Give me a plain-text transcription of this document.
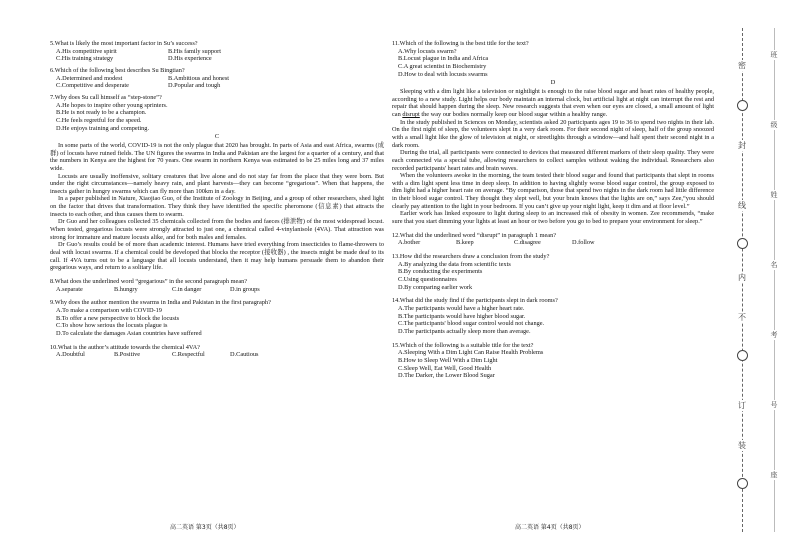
5.What is likely the most important factor in Su’s success?

A.His competitive spirit	B.His family support
C.His training strategy	D.His experience

6.Which of the following best describes Su Bingtian?

A.Determined and modest	B.Ambitious and honest
C.Competitive and desperate	D.Popular and tough

7.Why does Su call himself as “step-stone”?

A.He hopes to inspire other young sprinters.
B.He is not ready to be a champion.
C.He feels regretful for the speed.
D.He enjoys training and competing.
C

In some parts of the world, COVID-19 is not the only plague that 2020 has brought. In parts of Asia and east Africa, swarms (成群) of locusts have ruined fields. The UN figures the swarms in India and Pakistan are the largest for a quarter of a century, and that the numbers in Kenya are the highest for 70 years. One swarm in northern Kenya was estimated to be 25 miles long and 37 miles wide.

Locusts are usually inoffensive, solitary creatures that live alone and do not stay far from the place that they were born. But under the right circumstances—namely heavy rain, and plant harvests—they can become “gregarious”. When that happens, the insects gather in hungry swarms which can fly more than 100km in a day.

In a paper published in Nature, Xiaojiao Guo, of the Institute of Zoology in Beijing, and a group of other researchers, shed light on the factor that drives that transformation. They think they have identified the specific pheromone (信息素) that attracts the insects to each other, and thus causes them to swarm.

Dr Guo and her colleagues collected 35 chemicals collected from the bodies and faeces (排泄物) of the most widespread locust. When tested, gregarious locusts were strongly attracted to just one, a chemical called 4-vinylanisole (4VA). That attraction was strong for immature and mature locusts alike, and for both males and females.

Dr Guo’s results could be of more than academic interest. Humans have tried everything from insecticides to flame-throwers to deal with locust swarms. If a chemical could be developed that blocks the receptor (接收器) , the insects might be made deaf to its call. If 4VA turns out to be a language that all locusts understand, then it may help humans persuade them to abandon their gregarious ways, and return to a solitary life.

8.What does the underlined word “gregarious” in the second paragraph mean?

A.separate	B.hungry	C.in danger	D.in groups

9.Why does the author mention the swarms in India and Pakistan in the first paragraph?

A.To make a comparison with COVID-19
B.To offer a new perspective to block the locusts
C.To show how serious the locusts plague is
D.To calculate the damages Asian countries have suffered

10.What is the author’s attitude towards the chemical 4VA?

A.Doubtful	B.Positive	C.Respectful	D.Cautious
高二英语 第3页（共8页）

11.Which of the following is the best title for the text?

A.Why locusts swarm?
B.Locust plague in India and Africa
C.A great scientist in Biochemistry
D.How to deal with locusts swarms
D

Sleeping with a dim light like a television or nightlight is enough to the raise blood sugar and heart rates of healthy people, according to a new study. Light helps our body maintain an internal clock, but artificial light at night can interrupt the rest and repair that should happen during the sleep. New research suggests that even when our eyes are closed, a small amount of light can disrupt the way our bodies normally keep our blood sugar within a healthy range.

In the study published in Sciences on Monday, scientists asked 20 participants ages 19 to 36 to spend two nights in their lab. On the first night of sleep, the volunteers slept in a very dark room. For their second night of sleep, half of the group snoozed with a small light like the glow of television at night, or streetlights through a window—and half spent their second night in a dark room.

During the trial, all participants were connected to devices that measured different markers of their sleep quality. They were each connected via a special tube, allowing researchers to collect samples without waking the individual. Researchers also recorded participants' heart rates and brain waves.

When the volunteers awoke in the morning, the team tested their blood sugar and found that participants that slept in rooms with a dim light spent less time in deep sleep. In addition to having slightly worse blood sugar control, the group exposed to dim light had a higher heart rate on average. “By comparison, those that spend two nights in the dark room had little difference in their blood sugar control. They thought they slept well, but your brain knows that the lights are on,” says Zee,“you should clearly pay attention to the light in your bedroom. If you can’t give up your night light, keep it dim and at floor level.”

Earlier work has linked exposure to light during sleep to an increased risk of obesity in women. Zee recommends, “make sure that you start dimming your lights at least an hour or two before you go to bed to prepare your environment for sleep.”

12.What did the underlined word “disrupt” in paragraph 1 mean?

A.bother	B.keep	C.disagree	D.follow

13.How did the researchers draw a conclusion from the study?

A.By analyzing the data from scientific texts
B.By conducting the experiments
C.Using questionnaires
D.By comparing earlier work

14.What did the study find if the participants slept in dark rooms?

A.The participants would have a higher heart rate.
B.The participants would have higher blood sugar.
C.The participants' blood sugar control would not change.
D.The participants actually sleep more than average.

15.Which of the following is a suitable title for the text?

A.Sleeping With a Dim Light Can Raise Health Problems
B.How to Sleep Well With a Dim Light
C.Sleep Well, Eat Well, Good Health
D.The Darker, the Lower Blood Sugar
高二英语 第4页（共8页）
密
封
线
内
不
订
装
班
级
姓
名
考
号
座
